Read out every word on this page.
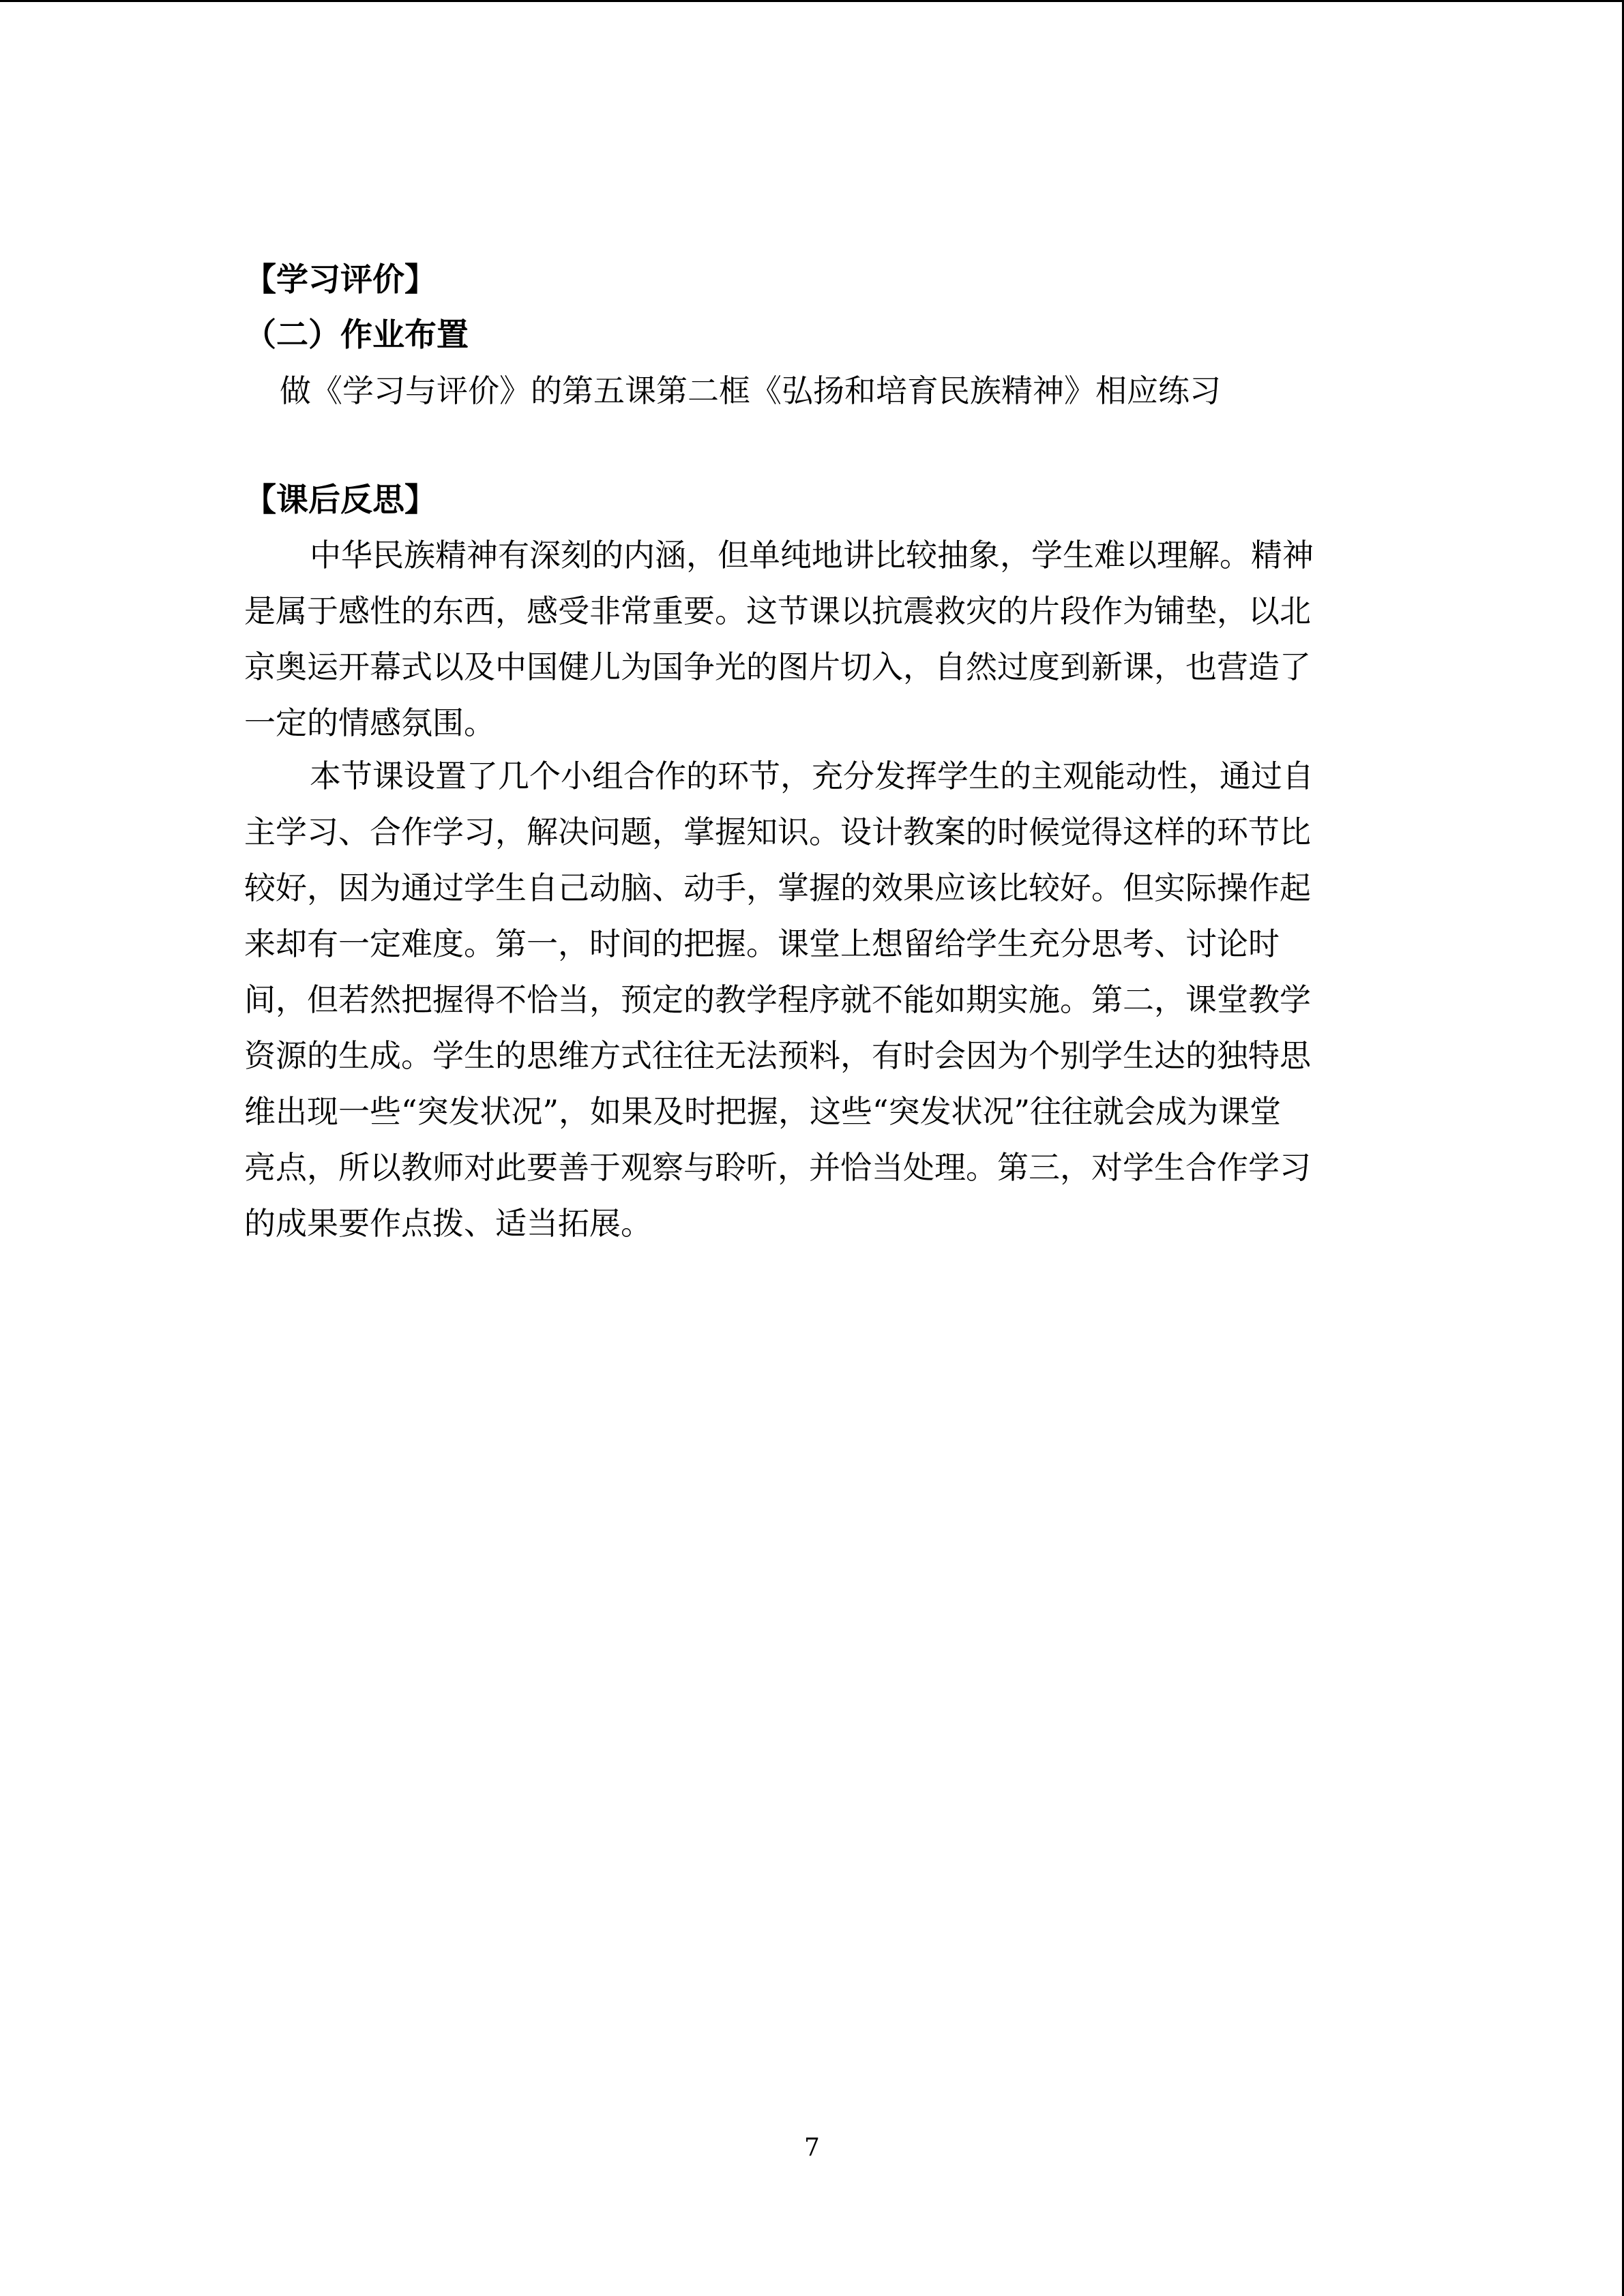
【学习评价】
（二）作业布置
做《学习与评价》的第五课第二框《弘扬和培育民族精神》相应练习
【课后反思】
中华民族精神有深刻的内涵，但单纯地讲比较抽象，学生难以理解。精神
是属于感性的东西，感受非常重要。这节课以抗震救灾的片段作为铺垫，以北
京奥运开幕式以及中国健儿为国争光的图片切入，自然过度到新课，也营造了
一定的情感氛围。
本节课设置了几个小组合作的环节，充分发挥学生的主观能动性，通过自
主学习、合作学习，解决问题，掌握知识。设计教案的时候觉得这样的环节比
较好，因为通过学生自己动脑、动手，掌握的效果应该比较好。但实际操作起
来却有一定难度。第一，时间的把握。课堂上想留给学生充分思考、讨论时
间，但若然把握得不恰当，预定的教学程序就不能如期实施。第二，课堂教学
资源的生成。学生的思维方式往往无法预料，有时会因为个别学生达的独特思
维出现一些“突发状况”，如果及时把握，这些“突发状况”往往就会成为课堂
亮点，所以教师对此要善于观察与聆听，并恰当处理。第三，对学生合作学习
的成果要作点拨、适当拓展。
7
